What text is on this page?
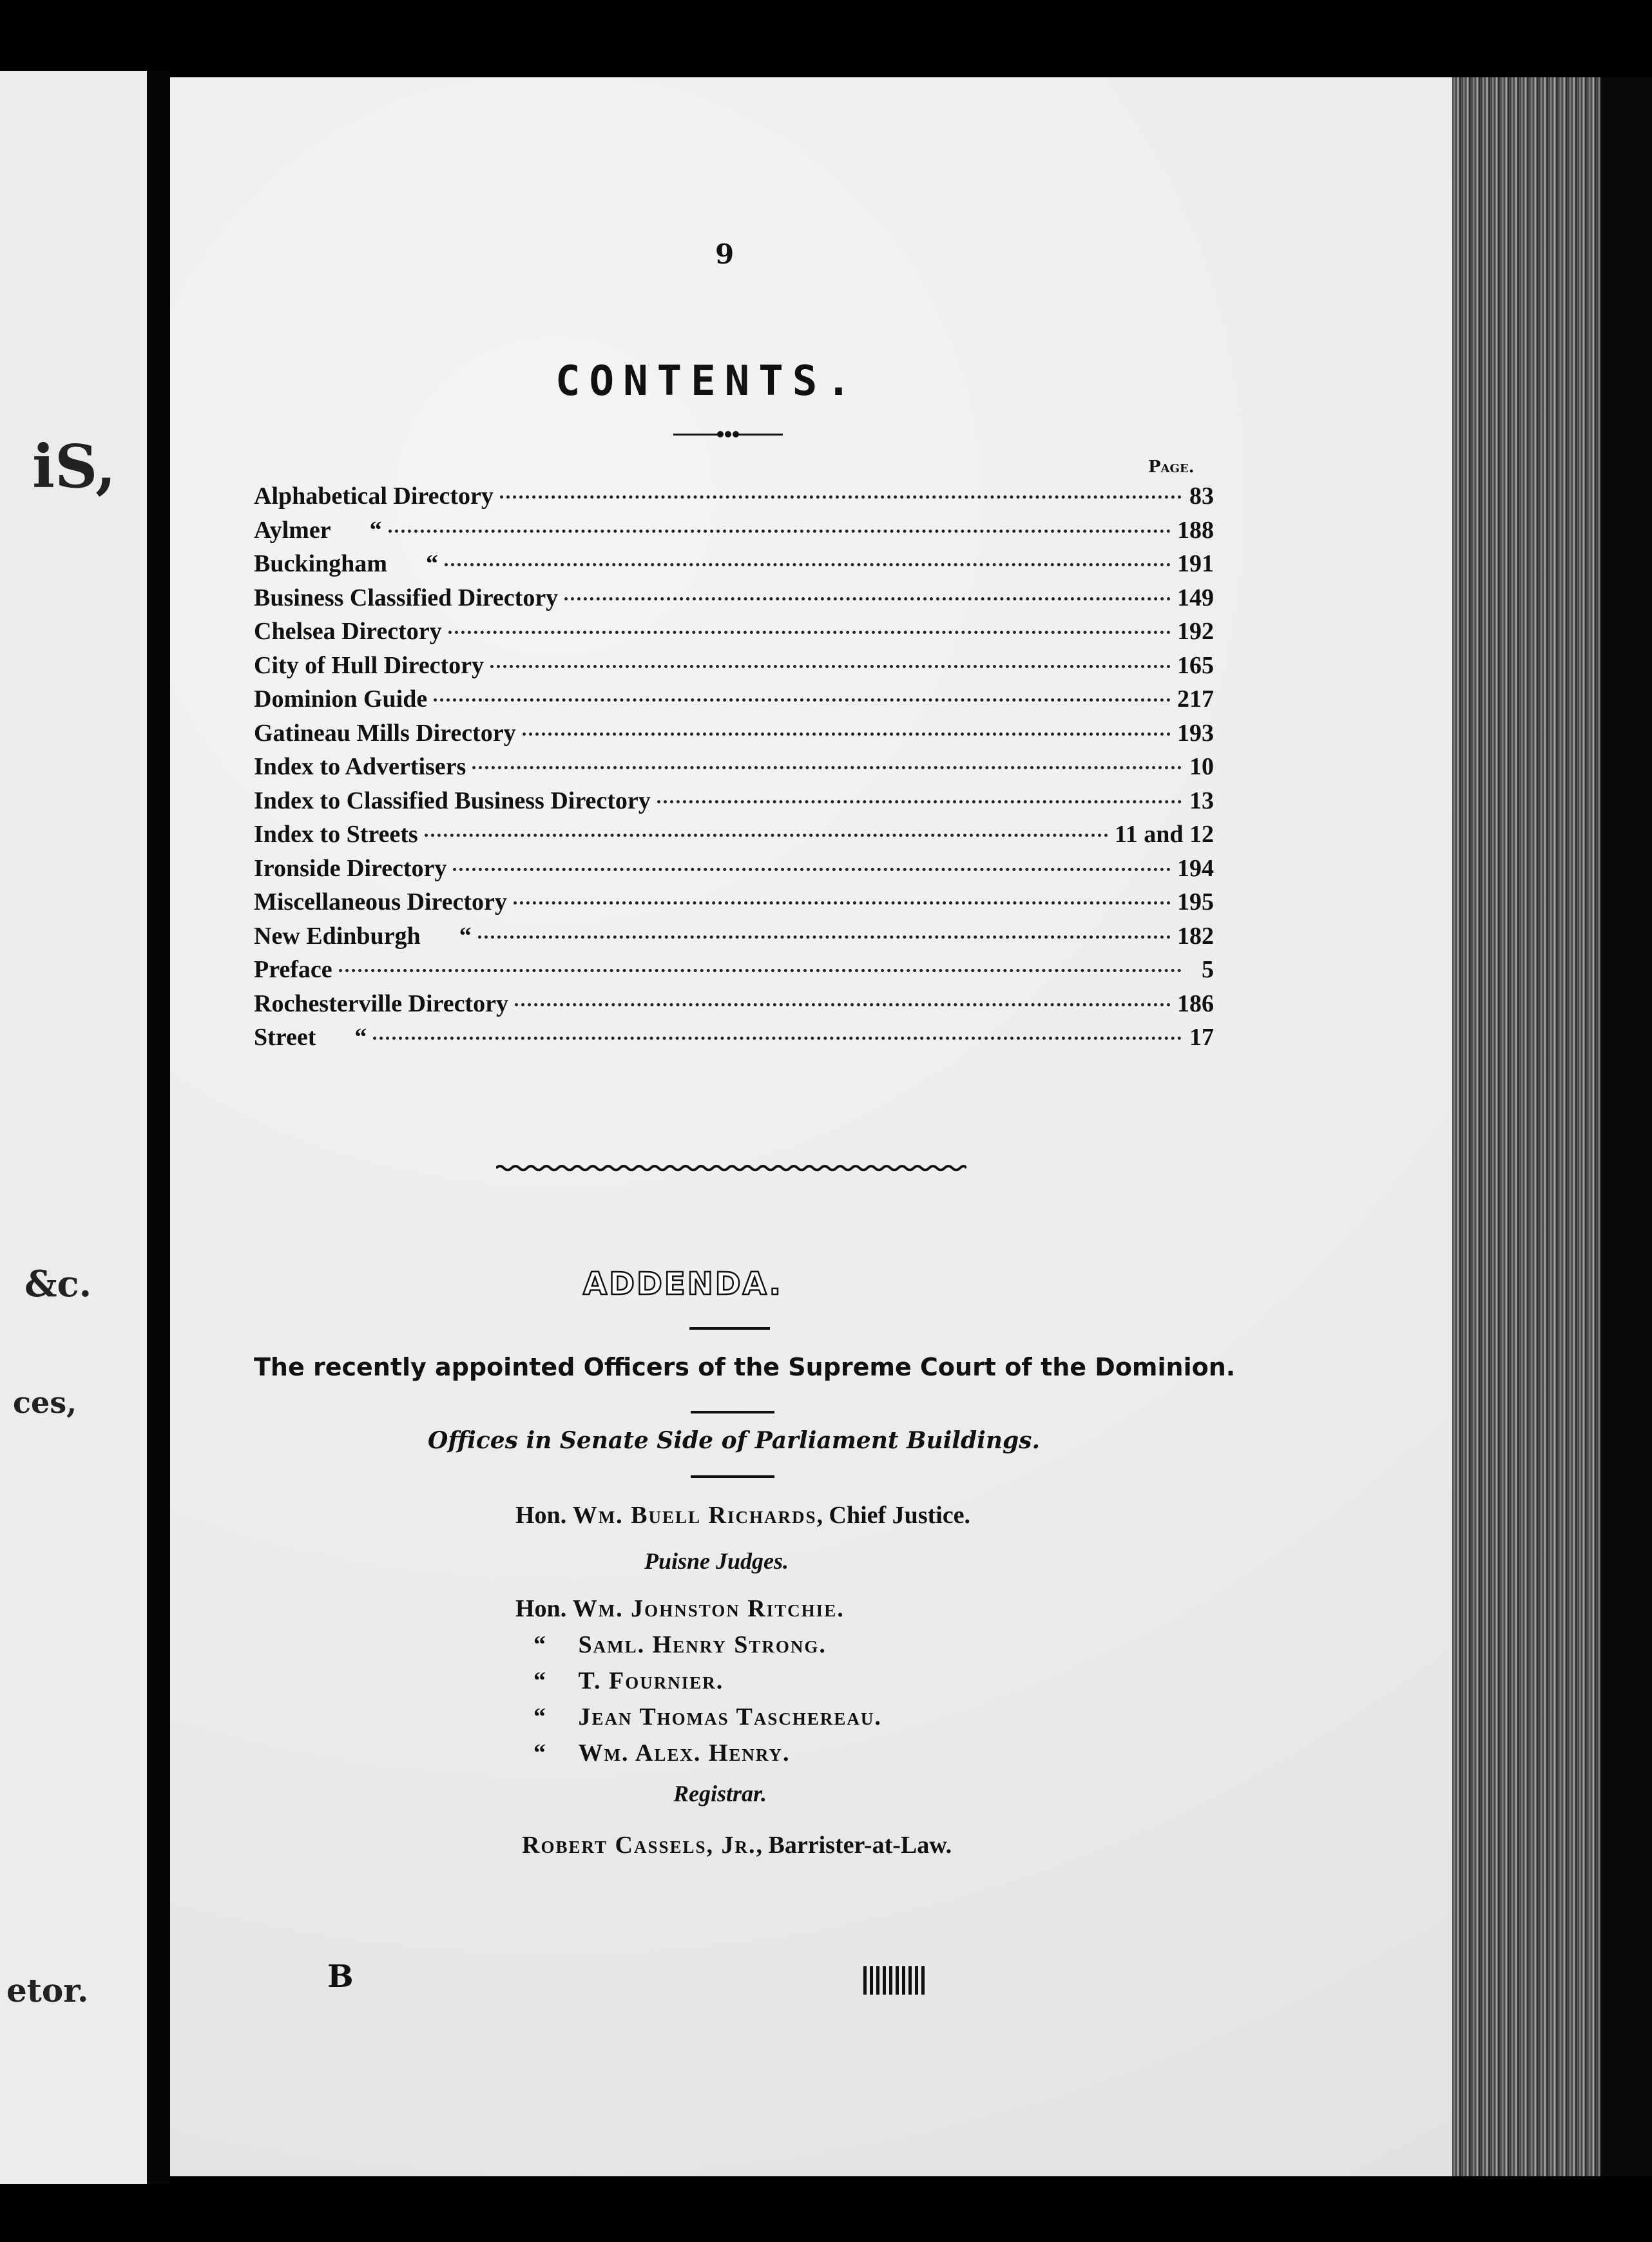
iS,
&c.
ces,
etor.
9
CONTENTS.
Page.
Alphabetical Directory	83
Aylmer “	188
Buckingham “	191
Business Classified Directory	149
Chelsea Directory	192
City of Hull Directory	165
Dominion Guide	217
Gatineau Mills Directory	193
Index to Advertisers	10
Index to Classified Business Directory	13
Index to Streets	11 and 12
Ironside Directory	194
Miscellaneous Directory	195
New Edinburgh “	182
Preface	5
Rochesterville Directory	186
Street “	17
ADDENDA.
The recently appointed Officers of the Supreme Court of the Dominion.
Offices in Senate Side of Parliament Buildings.
Hon. Wm. Buell Richards, Chief Justice.
Puisne Judges.
Hon. Wm. Johnston Ritchie.
“ Saml. Henry Strong.
“ T. Fournier.
“ Jean Thomas Taschereau.
“ Wm. Alex. Henry.
Registrar.
Robert Cassels, Jr., Barrister-at-Law.
B
